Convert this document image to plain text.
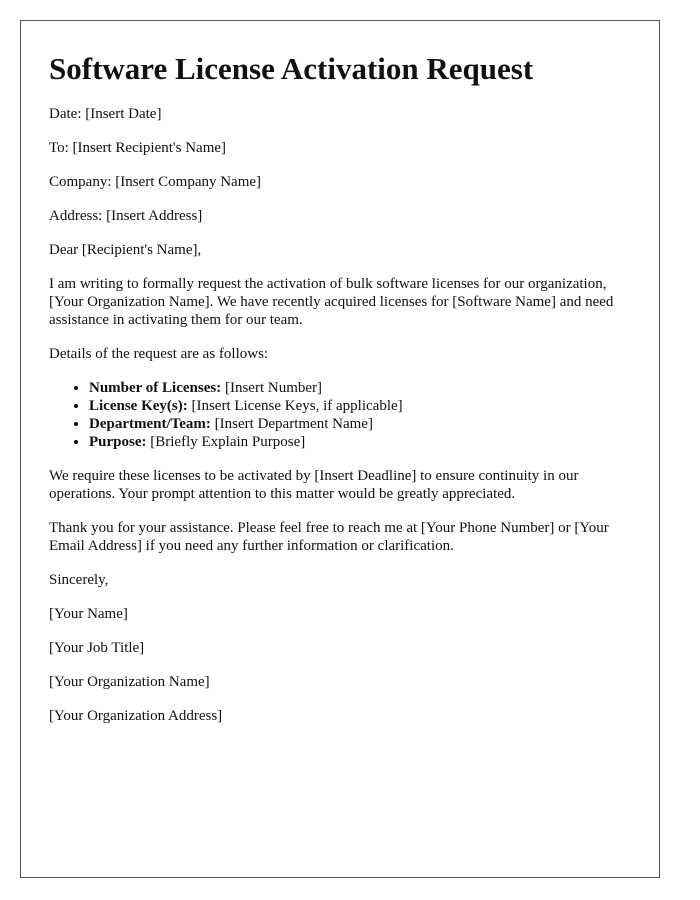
Software License Activation Request

Date: [Insert Date]

To: [Insert Recipient's Name]

Company: [Insert Company Name]

Address: [Insert Address]

Dear [Recipient's Name],

I am writing to formally request the activation of bulk software licenses for our organization, [Your Organization Name]. We have recently acquired licenses for [Software Name] and need assistance in activating them for our team.

Details of the request are as follows:

• Number of Licenses: [Insert Number]
• License Key(s): [Insert License Keys, if applicable]
• Department/Team: [Insert Department Name]
• Purpose: [Briefly Explain Purpose]

We require these licenses to be activated by [Insert Deadline] to ensure continuity in our operations. Your prompt attention to this matter would be greatly appreciated.

Thank you for your assistance. Please feel free to reach me at [Your Phone Number] or [Your Email Address] if you need any further information or clarification.

Sincerely,

[Your Name]

[Your Job Title]

[Your Organization Name]

[Your Organization Address]
